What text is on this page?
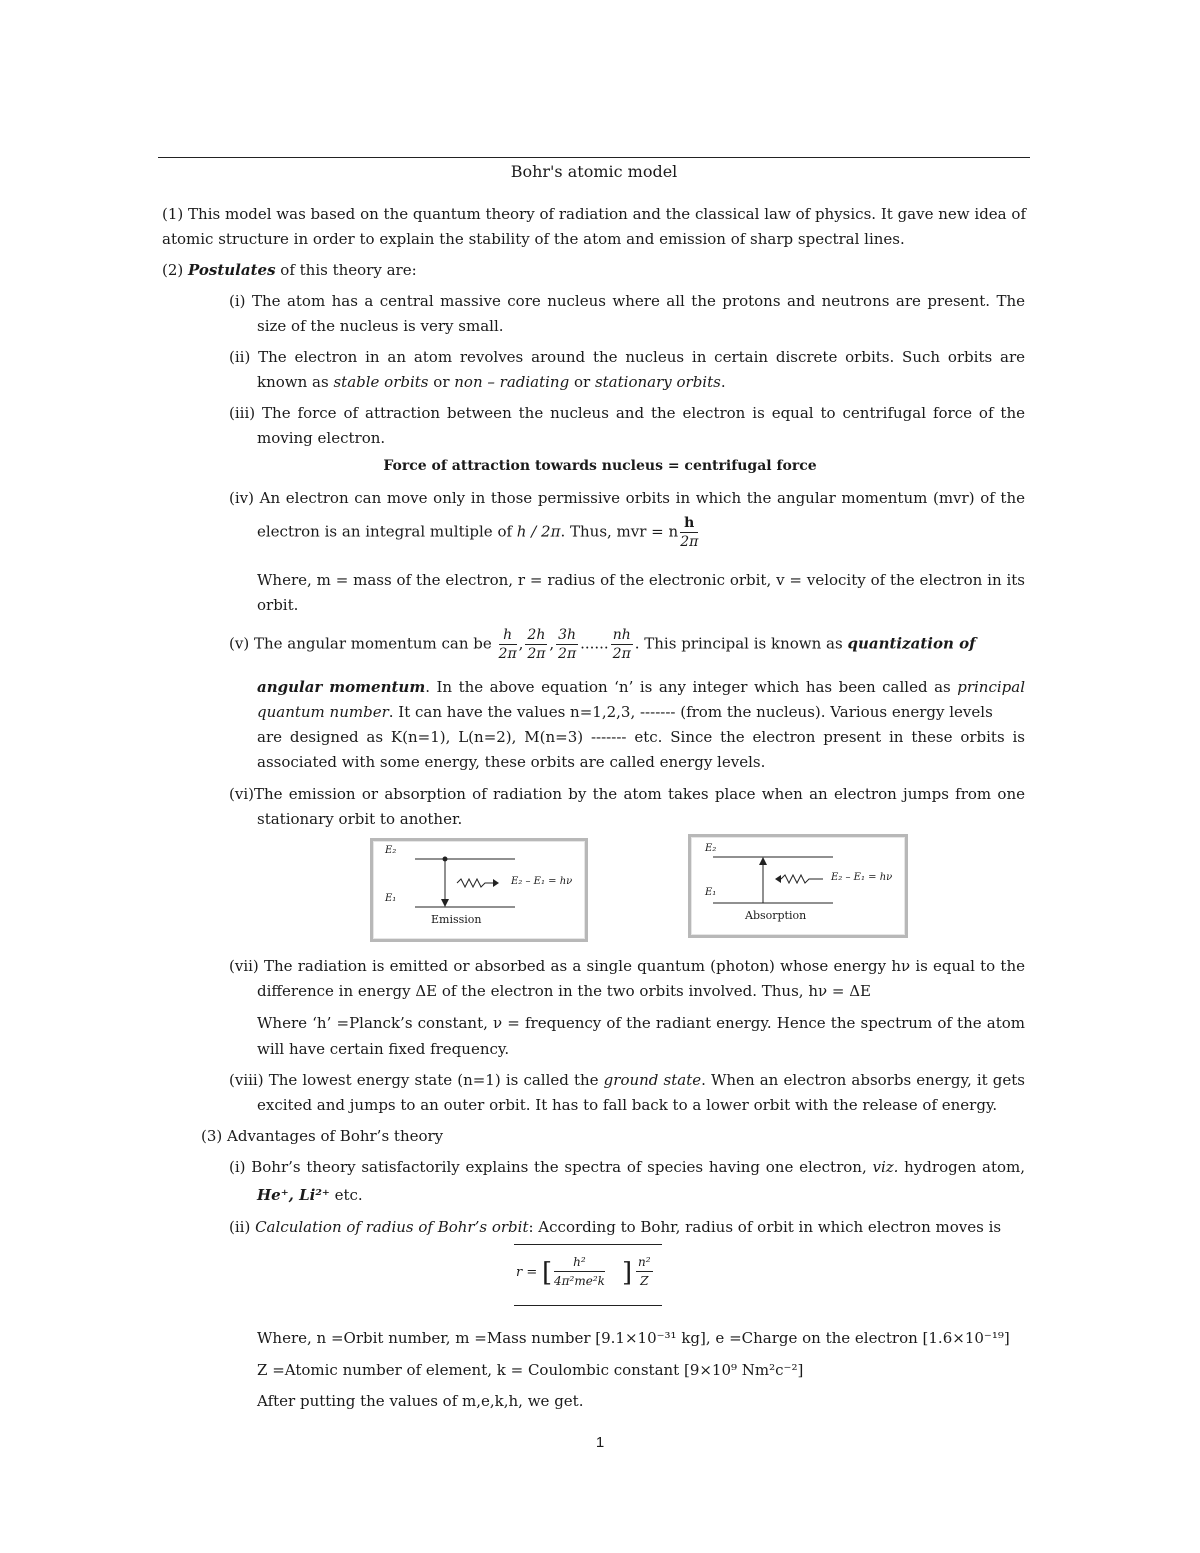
Bohr's atomic model
(1) This model was based on the quantum theory of radiation and the classical law of physics. It gave new idea of
atomic structure in order to explain the stability of the atom and emission of sharp spectral lines.
(2) Postulates of this theory are:
(i) The atom has a central massive core nucleus where all the protons and neutrons are present. The
size of the nucleus is very small.
(ii) The electron in an atom revolves around the nucleus in certain discrete orbits. Such orbits are
known as stable orbits or non – radiating or stationary orbits.
(iii) The force of attraction between the nucleus and the electron is equal to centrifugal force of the
moving electron.
Force of attraction towards nucleus = centrifugal force
(iv) An electron can move only in those permissive orbits in which the angular momentum (mvr) of the
electron is an integral multiple of h / 2π. Thus, mvr = n $\frac{h}{2\pi}$
Where, m = mass of the electron, r = radius of the electronic orbit, v = velocity of the electron in its
orbit.
(v) The angular momentum can be $\frac{h}{2\pi}$ , $\frac{2h}{2\pi}$ , $\frac{3h}{2\pi}$ ...... $\frac{nh}{2\pi}$ . This principal is known as quantization of
angular momentum. In the above equation ‘n’ is any integer which has been called as principal
quantum number. It can have the values n=1,2,3, ------- (from the nucleus). Various energy levels
are designed as K(n=1), L(n=2), M(n=3) ------- etc. Since the electron present in these orbits is
associated with some energy, these orbits are called energy levels.
(vi)The emission or absorption of radiation by the atom takes place when an electron jumps from one
stationary orbit to another.
E₂
E₁
E₂ – E₁ = hν
Emission
E₂
E₁
E₂ – E₁ = hν
Absorption
(vii) The radiation is emitted or absorbed as a single quantum (photon) whose energy hν is equal to the
difference in energy ΔE of the electron in the two orbits involved. Thus, hν = ΔE
Where ‘h’ =Planck’s constant, ν = frequency of the radiant energy. Hence the spectrum of the atom
will have certain fixed frequency.
(viii) The lowest energy state (n=1) is called the ground state. When an electron absorbs energy, it gets
excited and jumps to an outer orbit. It has to fall back to a lower orbit with the release of energy.
(3) Advantages of Bohr’s theory
(i) Bohr’s theory satisfactorily explains the spectra of species having one electron, viz. hydrogen atom,
He⁺, Li²⁺ etc.
(ii) Calculation of radius of Bohr’s orbit: According to Bohr, radius of orbit in which electron moves is
r = [ $\frac{\text{h²}}{\text{4π²me²k}}$ ] $\frac{\text{n²}}{Z}$
Where, n =Orbit number, m =Mass number [9.1×10⁻³¹ kg], e =Charge on the electron [1.6×10⁻¹⁹]
Z =Atomic number of element, k = Coulombic constant [9×10⁹ Nm²c⁻²]
After putting the values of m,e,k,h, we get.
1
